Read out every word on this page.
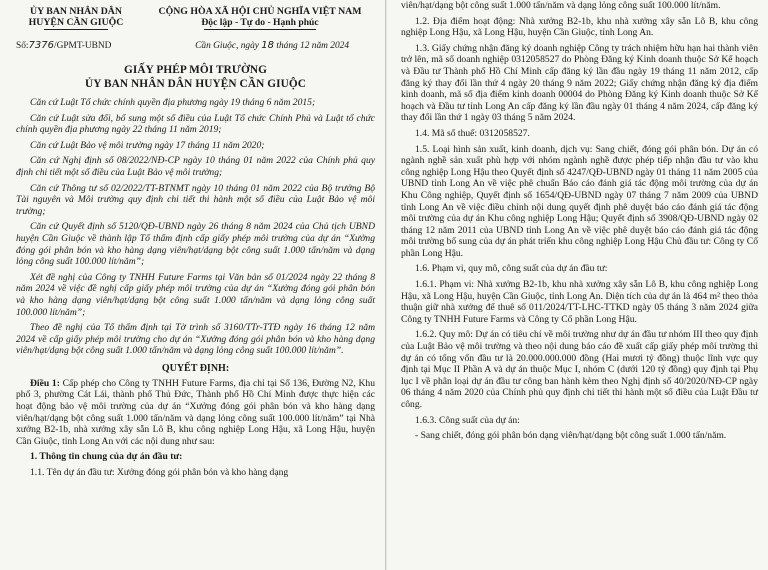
ỦY BAN NHÂN DÂN
HUYỆN CẦN GIUỘC
CỘNG HÒA XÃ HỘI CHỦ NGHĨA VIỆT NAM
Độc lập - Tự do - Hạnh phúc
Số:7376/GPMT-UBND	Cần Giuộc, ngày 18 tháng 12 năm 2024
GIẤY PHÉP MÔI TRƯỜNG
ỦY BAN NHÂN DÂN HUYỆN CẦN GIUỘC

Căn cứ Luật Tổ chức chính quyền địa phương ngày 19 tháng 6 năm 2015;

Căn cứ Luật sửa đổi, bổ sung một số điều của Luật Tổ chức Chính Phủ và Luật tổ chức chính quyền địa phương ngày 22 tháng 11 năm 2019;

Căn cứ Luật Bảo vệ môi trường ngày 17 tháng 11 năm 2020;

Căn cứ Nghị định số 08/2022/NĐ-CP ngày 10 tháng 01 năm 2022 của Chính phủ quy định chi tiết một số điều của Luật Bảo vệ môi trường;

Căn cứ Thông tư số 02/2022/TT-BTNMT ngày 10 tháng 01 năm 2022 của Bộ trưởng Bộ Tài nguyên và Môi trường quy định chi tiết thi hành một số điều của Luật Bảo vệ môi trường;

Căn cứ Quyết định số 5120/QĐ-UBND ngày 26 tháng 8 năm 2024 của Chủ tịch UBND huyện Cần Giuộc về thành lập Tổ thẩm định cấp giấy phép môi trường của dự án “Xưởng đóng gói phân bón và kho hàng dạng viên/hạt/dạng bột công suất 1.000 tấn/năm và dạng lỏng công suất 100.000 lít/năm”;

Xét đề nghị của Công ty TNHH Future Farms tại Văn bản số 01/2024 ngày 22 tháng 8 năm 2024 về việc đề nghị cấp giấy phép môi trường của dự án “Xưởng đóng gói phân bón và kho hàng dạng viên/hạt/dạng bột công suất 1.000 tấn/năm và dạng lỏng công suất 100.000 lít/năm”;

Theo đề nghị của Tổ thẩm định tại Tờ trình số 3160/TTr-TTĐ ngày 16 tháng 12 năm 2024 về cấp giấy phép môi trường cho dự án “Xưởng đóng gói phân bón và kho hàng dạng viên/hạt/dạng bột công suất 1.000 tấn/năm và dạng lỏng công suất 100.000 lít/năm”.

QUYẾT ĐỊNH:

Điều 1: Cấp phép cho Công ty TNHH Future Farms, địa chỉ tại Số 136, Đường N2, Khu phố 3, phường Cát Lái, thành phố Thủ Đức, Thành phố Hồ Chí Minh được thực hiện các hoạt động bảo vệ môi trường của dự án “Xưởng đóng gói phân bón và kho hàng dạng viên/hạt/dạng bột công suất 1.000 tấn/năm và dạng lỏng công suất 100.000 lít/năm” tại Nhà xưởng B2-1b, nhà xưởng xây sẵn Lô B, khu công nghiệp Long Hậu, xã Long Hậu, huyện Cần Giuộc, tỉnh Long An với các nội dung như sau:

1. Thông tin chung của dự án đầu tư:

1.1. Tên dự án đầu tư: Xưởng đóng gói phân bón và kho hàng dạng

viên/hạt/dạng bột công suất 1.000 tấn/năm và dạng lỏng công suất 100.000 lít/năm.

1.2. Địa điểm hoạt động: Nhà xưởng B2-1b, khu nhà xưởng xây sẵn Lô B, khu công nghiệp Long Hậu, xã Long Hậu, huyện Cần Giuộc, tỉnh Long An.

1.3. Giấy chứng nhận đăng ký doanh nghiệp Công ty trách nhiệm hữu hạn hai thành viên trở lên, mã số doanh nghiệp 0312058527 do Phòng Đăng ký Kinh doanh thuộc Sở Kế hoạch và Đầu tư Thành phố Hồ Chí Minh cấp đăng ký lần đầu ngày 19 tháng 11 năm 2012, cấp đăng ký thay đổi lần thứ 4 ngày 20 tháng 9 năm 2022; Giấy chứng nhận đăng ký địa điểm kinh doanh, mã số địa điểm kinh doanh 00004 do Phòng Đăng ký Kinh doanh thuộc Sở Kế hoạch và Đầu tư tỉnh Long An cấp đăng ký lần đầu ngày 01 tháng 4 năm 2024, cấp đăng ký thay đổi lần thứ 1 ngày 03 tháng 5 năm 2024.

1.4. Mã số thuế: 0312058527.

1.5. Loại hình sản xuất, kinh doanh, dịch vụ: Sang chiết, đóng gói phân bón. Dự án có ngành nghề sản xuất phù hợp với nhóm ngành nghề được phép tiếp nhận đầu tư vào khu công nghiệp Long Hậu theo Quyết định số 4247/QĐ-UBND ngày 01 tháng 11 năm 2005 của UBND tỉnh Long An về việc phê chuẩn Báo cáo đánh giá tác động môi trường của dự án Khu Công nghiệp, Quyết định số 1654/QĐ-UBND ngày 07 tháng 7 năm 2009 của UBND tỉnh Long An về việc điều chỉnh nội dung quyết định phê duyệt báo cáo đánh giá tác động môi trường của dự án Khu công nghiệp Long Hậu; Quyết định số 3908/QĐ-UBND ngày 02 tháng 12 năm 2011 của UBND tỉnh Long An về việc phê duyệt báo cáo đánh giá tác động môi trường bổ sung của dự án phát triển khu công nghiệp Long Hậu Chủ đầu tư: Công ty Cổ phần Long Hậu.

1.6. Phạm vi, quy mô, công suất của dự án đầu tư:

1.6.1. Phạm vi: Nhà xưởng B2-1b, khu nhà xưởng xây sẵn Lô B, khu công nghiệp Long Hậu, xã Long Hậu, huyện Cần Giuộc, tỉnh Long An. Diện tích của dự án là 464 m² theo thỏa thuận giữ nhà xưởng để thuê số 011/2024/TT-LHC-TTKD ngày 05 tháng 3 năm 2024 giữa Công ty TNHH Future Farms và Công ty Cổ phần Long Hậu.

1.6.2. Quy mô: Dự án có tiêu chí về môi trường như dự án đầu tư nhóm III theo quy định của Luật Bảo vệ môi trường và theo nội dung báo cáo đề xuất cấp giấy phép môi trường thì dự án có tổng vốn đầu tư là 20.000.000.000 đồng (Hai mươi tỷ đồng) thuộc lĩnh vực quy định tại Mục II Phần A và dự án thuộc Mục I, nhóm C (dưới 120 tỷ đồng) quy định tại Phụ lục I về phân loại dự án đầu tư công ban hành kèm theo Nghị định số 40/2020/NĐ-CP ngày 06 tháng 4 năm 2020 của Chính phủ quy định chi tiết thi hành một số điều của Luật Đầu tư công.

1.6.3. Công suất của dự án:

- Sang chiết, đóng gói phân bón dạng viên/hạt/dạng bột công suất 1.000 tấn/năm.
